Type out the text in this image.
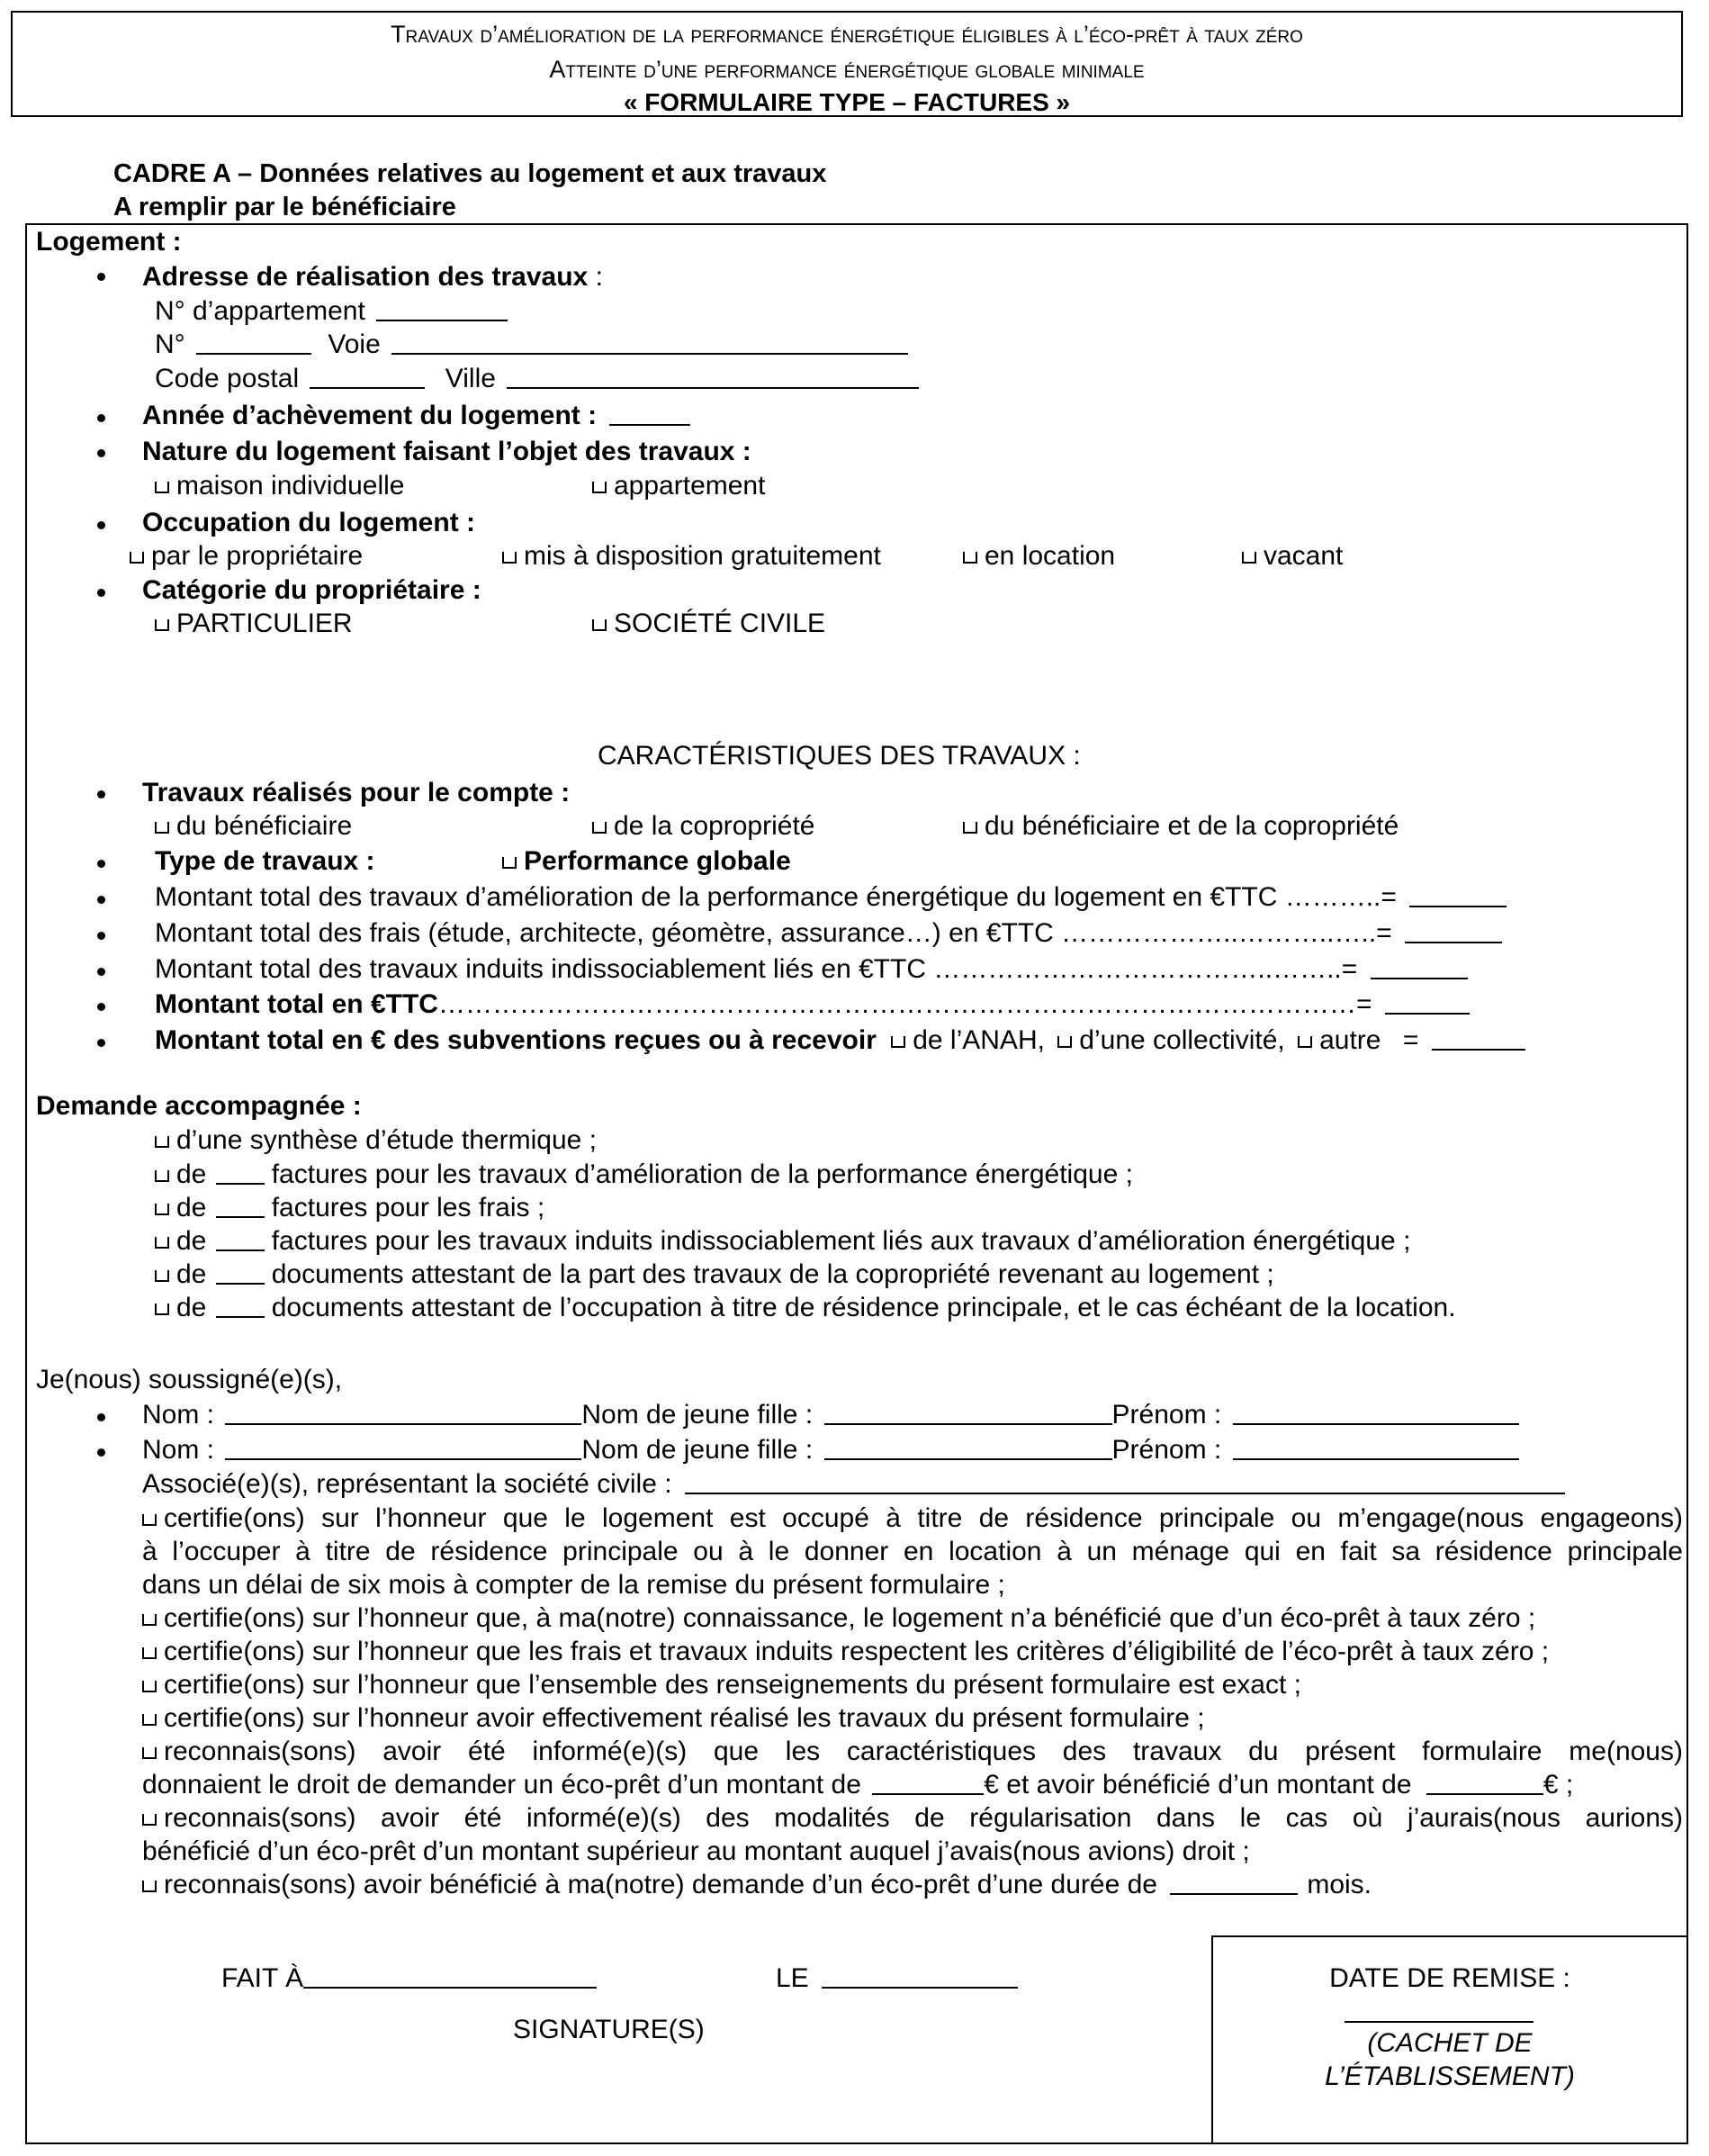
Travaux d’amélioration de la performance énergétique éligibles à l’éco-prêt à taux zéro
Atteinte d’une performance énergétique globale minimale
« FORMULAIRE TYPE – FACTURES »
CADRE A – Données relatives au logement et aux travaux
A remplir par le bénéficiaire
Logement :
Adresse de réalisation des travaux :
N° d’appartement
N°	Voie
Code postal	Ville
Année d’achèvement du logement :
Nature du logement faisant l’objet des travaux :
maison individuelle	appartement
Occupation du logement :
par le propriétaire	mis à disposition gratuitement	en location	vacant
Catégorie du propriétaire :
PARTICULIER	SOCIÉTÉ CIVILE
CARACTÉRISTIQUES DES TRAVAUX :
Travaux réalisés pour le compte :
du bénéficiaire	de la copropriété	du bénéficiaire et de la copropriété
Type de travaux :	Performance globale
Montant total des travaux d’amélioration de la performance énergétique du logement en €TTC ………..=
Montant total des frais (étude, architecte, géomètre, assurance…) en €TTC ………………..………..…..=
Montant total des travaux induits indissociablement liés en €TTC ………………………………..……..=
Montant total en €TTC…………………………………………………………………………………………=
Montant total en € des subventions reçues ou à recevoir de l’ANAH, d’une collectivité, autre =
Demande accompagnée :
d’une synthèse d’étude thermique ;
de factures pour les travaux d’amélioration de la performance énergétique ;
de factures pour les frais ;
de factures pour les travaux induits indissociablement liés aux travaux d’amélioration énergétique ;
de documents attestant de la part des travaux de la copropriété revenant au logement ;
de documents attestant de l’occupation à titre de résidence principale, et le cas échéant de la location.
Je(nous) soussigné(e)(s),
Nom :	Nom de jeune fille :	Prénom :
Nom :	Nom de jeune fille :	Prénom :
Associé(e)(s), représentant la société civile :
certifie(ons) sur l’honneur que le logement est occupé à titre de résidence principale ou m’engage(nous engageons)
à l’occuper à titre de résidence principale ou à le donner en location à un ménage qui en fait sa résidence principale
dans un délai de six mois à compter de la remise du présent formulaire ;
certifie(ons) sur l’honneur que, à ma(notre) connaissance, le logement n’a bénéficié que d’un éco-prêt à taux zéro ;
certifie(ons) sur l’honneur que les frais et travaux induits respectent les critères d’éligibilité de l’éco-prêt à taux zéro ;
certifie(ons) sur l’honneur que l’ensemble des renseignements du présent formulaire est exact ;
certifie(ons) sur l’honneur avoir effectivement réalisé les travaux du présent formulaire ;
reconnais(sons) avoir été informé(e)(s) que les caractéristiques des travaux du présent formulaire me(nous)
donnaient le droit de demander un éco-prêt d’un montant de	€ et avoir bénéficié d’un montant de	€ ;
reconnais(sons) avoir été informé(e)(s) des modalités de régularisation dans le cas où j’aurais(nous aurions)
bénéficié d’un éco-prêt d’un montant supérieur au montant auquel j’avais(nous avions) droit ;
reconnais(sons) avoir bénéficié à ma(notre) demande d’un éco-prêt d’une durée de	mois.
FAIT À	LE
SIGNATURE(S)
DATE DE REMISE :
(CACHET DE
L’ÉTABLISSEMENT)
